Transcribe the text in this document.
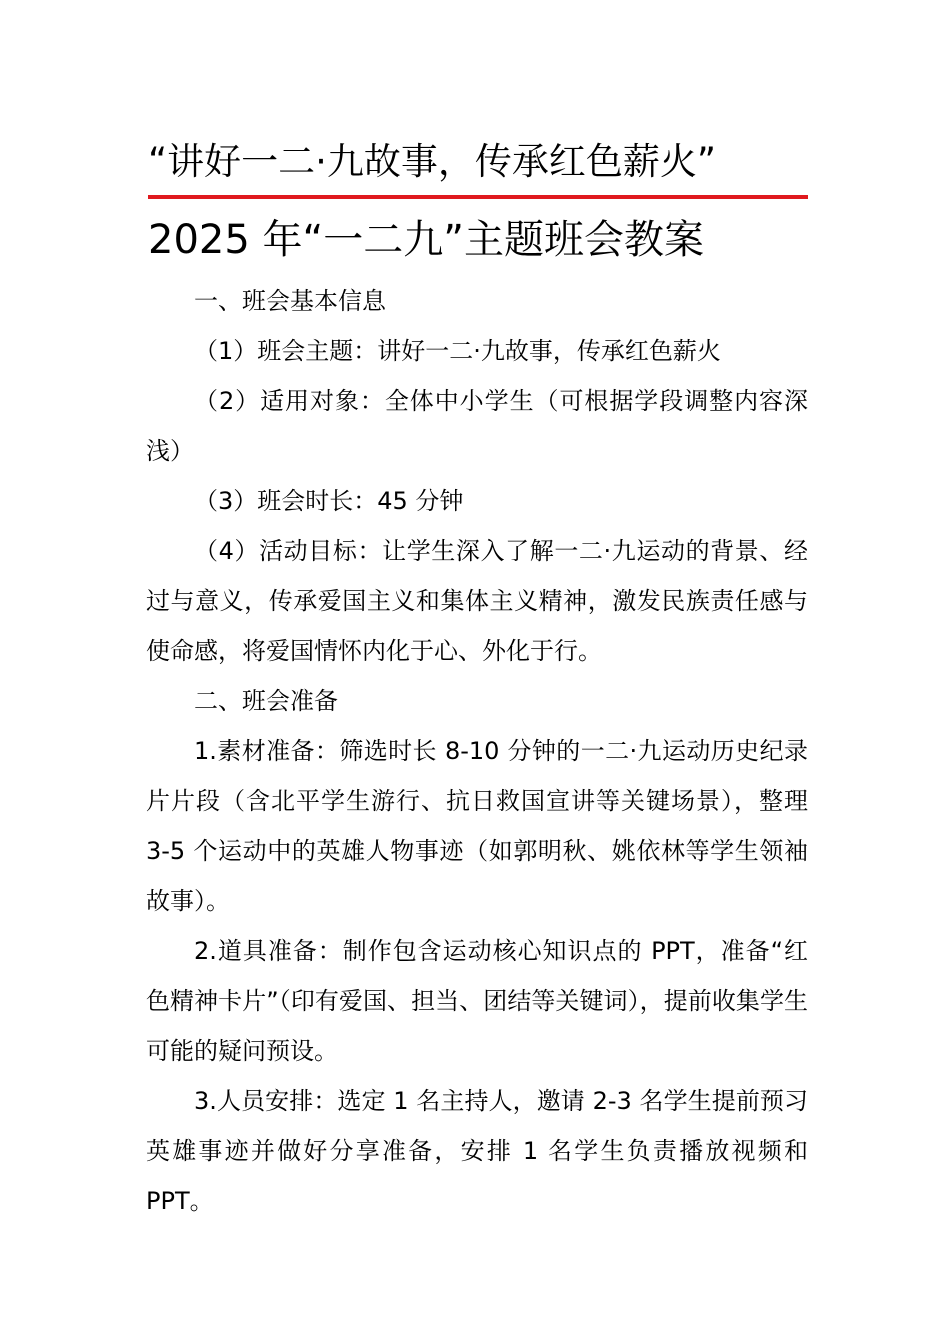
“讲好一二·九故事，传承红色薪火”
2025 年“一二九”主题班会教案

一、班会基本信息

（1）班会主题：讲好一二·九故事，传承红色薪火

（2）适用对象：全体中小学生（可根据学段调整内容深浅）

（3）班会时长：45 分钟

（4）活动目标：让学生深入了解一二·九运动的背景、经过与意义，传承爱国主义和集体主义精神，激发民族责任感与使命感，将爱国情怀内化于心、外化于行。

二、班会准备

1.素材准备：筛选时长 8-10 分钟的一二·九运动历史纪录片片段（含北平学生游行、抗日救国宣讲等关键场景），整理 3-5 个运动中的英雄人物事迹（如郭明秋、姚依林等学生领袖故事）。

2.道具准备：制作包含运动核心知识点的 PPT，准备“红色精神卡片”（印有爱国、担当、团结等关键词），提前收集学生可能的疑问预设。

3.人员安排：选定 1 名主持人，邀请 2-3 名学生提前预习英雄事迹并做好分享准备，安排 1 名学生负责播放视频和 PPT。
